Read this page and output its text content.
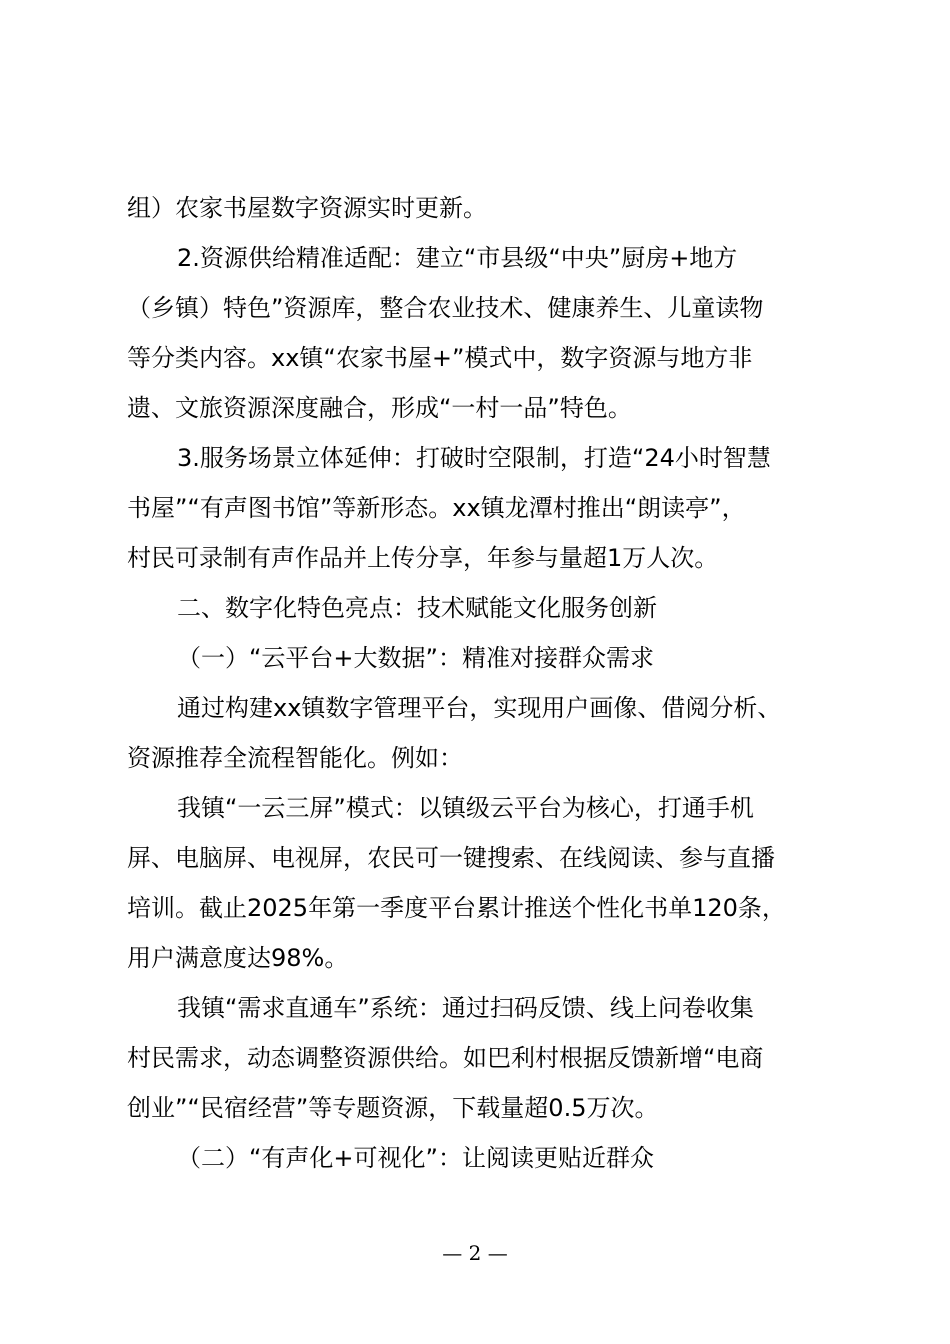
组）农家书屋数字资源实时更新。
2.资源供给精准适配：建立“市县级“中央”厨房+地方
（乡镇）特色”资源库，整合农业技术、健康养生、儿童读物
等分类内容。xx镇“农家书屋+”模式中，数字资源与地方非
遗、文旅资源深度融合，形成“一村一品”特色。
3.服务场景立体延伸：打破时空限制，打造“24小时智慧
书屋”“有声图书馆”等新形态。xx镇龙潭村推出“朗读亭”，
村民可录制有声作品并上传分享，年参与量超1万人次。
二、数字化特色亮点：技术赋能文化服务创新
（一）“云平台+大数据”：精准对接群众需求
通过构建xx镇数字管理平台，实现用户画像、借阅分析、
资源推荐全流程智能化。例如：
我镇“一云三屏”模式：以镇级云平台为核心，打通手机
屏、电脑屏、电视屏，农民可一键搜索、在线阅读、参与直播
培训。截止2025年第一季度平台累计推送个性化书单120条，
用户满意度达98%。
我镇“需求直通车”系统：通过扫码反馈、线上问卷收集
村民需求，动态调整资源供给。如巴利村根据反馈新增“电商
创业”“民宿经营”等专题资源，下载量超0.5万次。
（二）“有声化+可视化”：让阅读更贴近群众
— 2 —
